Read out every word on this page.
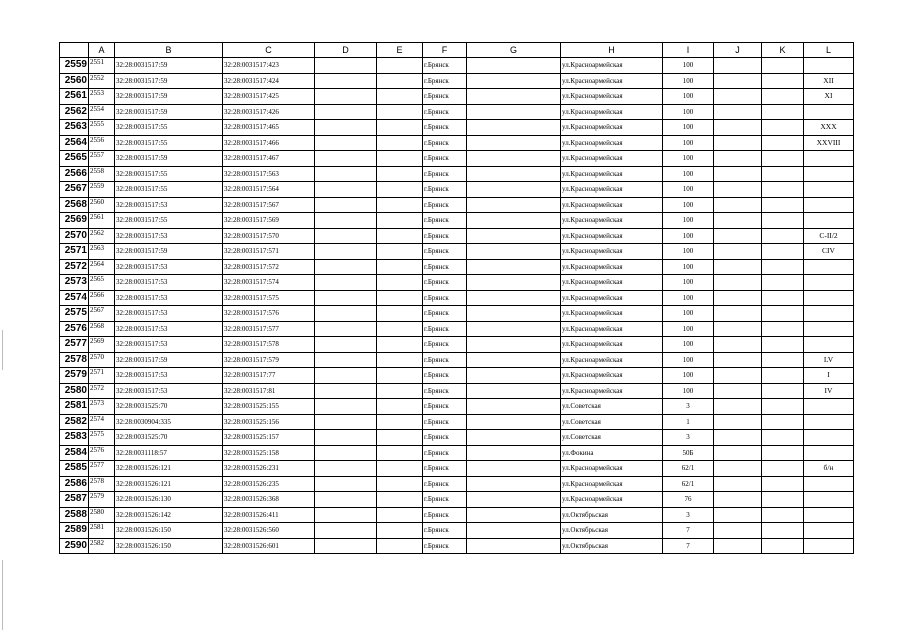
	A	B	C	D	E	F	G	H	I	J	K	L
2559	2551	32:28:0031517:59	32:28:0031517:423			г.Брянск		ул.Красноармейская	100			
2560	2552	32:28:0031517:59	32:28:0031517:424			г.Брянск		ул.Красноармейская	100			XII
2561	2553	32:28:0031517:59	32:28:0031517:425			г.Брянск		ул.Красноармейская	100			XI
2562	2554	32:28:0031517:59	32:28:0031517:426			г.Брянск		ул.Красноармейская	100			
2563	2555	32:28:0031517:55	32:28:0031517:465			г.Брянск		ул.Красноармейская	100			XXX
2564	2556	32:28:0031517:55	32:28:0031517:466			г.Брянск		ул.Красноармейская	100			XXVIII
2565	2557	32:28:0031517:59	32:28:0031517:467			г.Брянск		ул.Красноармейская	100			
2566	2558	32:28:0031517:55	32:28:0031517:563			г.Брянск		ул.Красноармейская	100			
2567	2559	32:28:0031517:55	32:28:0031517:564			г.Брянск		ул.Красноармейская	100			
2568	2560	32:28:0031517:53	32:28:0031517:567			г.Брянск		ул.Красноармейская	100			
2569	2561	32:28:0031517:55	32:28:0031517:569			г.Брянск		ул.Красноармейская	100			
2570	2562	32:28:0031517:53	32:28:0031517:570			г.Брянск		ул.Красноармейская	100			C-II/2
2571	2563	32:28:0031517:59	32:28:0031517:571			г.Брянск		ул.Красноармейская	100			CIV
2572	2564	32:28:0031517:53	32:28:0031517:572			г.Брянск		ул.Красноармейская	100			
2573	2565	32:28:0031517:53	32:28:0031517:574			г.Брянск		ул.Красноармейская	100			
2574	2566	32:28:0031517:53	32:28:0031517:575			г.Брянск		ул.Красноармейская	100			
2575	2567	32:28:0031517:53	32:28:0031517:576			г.Брянск		ул.Красноармейская	100			
2576	2568	32:28:0031517:53	32:28:0031517:577			г.Брянск		ул.Красноармейская	100			
2577	2569	32:28:0031517:53	32:28:0031517:578			г.Брянск		ул.Красноармейская	100			
2578	2570	32:28:0031517:59	32:28:0031517:579			г.Брянск		ул.Красноармейская	100			LV
2579	2571	32:28:0031517:53	32:28:0031517:77			г.Брянск		ул.Красноармейская	100			I
2580	2572	32:28:0031517:53	32:28:0031517:81			г.Брянск		ул.Красноармейская	100			IV
2581	2573	32:28:0031525:70	32:28:0031525:155			г.Брянск		ул.Советская	3			
2582	2574	32:28:0030904:335	32:28:0031525:156			г.Брянск		ул.Советская	1			
2583	2575	32:28:0031525:70	32:28:0031525:157			г.Брянск		ул.Советская	3			
2584	2576	32:28:0031118:57	32:28:0031525:158			г.Брянск		ул.Фокина	50Б			
2585	2577	32:28:0031526:121	32:28:0031526:231			г.Брянск		ул.Красноармейская	62/1			б/н
2586	2578	32:28:0031526:121	32:28:0031526:235			г.Брянск		ул.Красноармейская	62/1			
2587	2579	32:28:0031526:130	32:28:0031526:368			г.Брянск		ул.Красноармейская	76			
2588	2580	32:28:0031526:142	32:28:0031526:411			г.Брянск		ул.Октябрьская	3			
2589	2581	32:28:0031526:150	32:28:0031526:560			г.Брянск		ул.Октябрьская	7			
2590	2582	32:28:0031526:150	32:28:0031526:601			г.Брянск		ул.Октябрьская	7			
